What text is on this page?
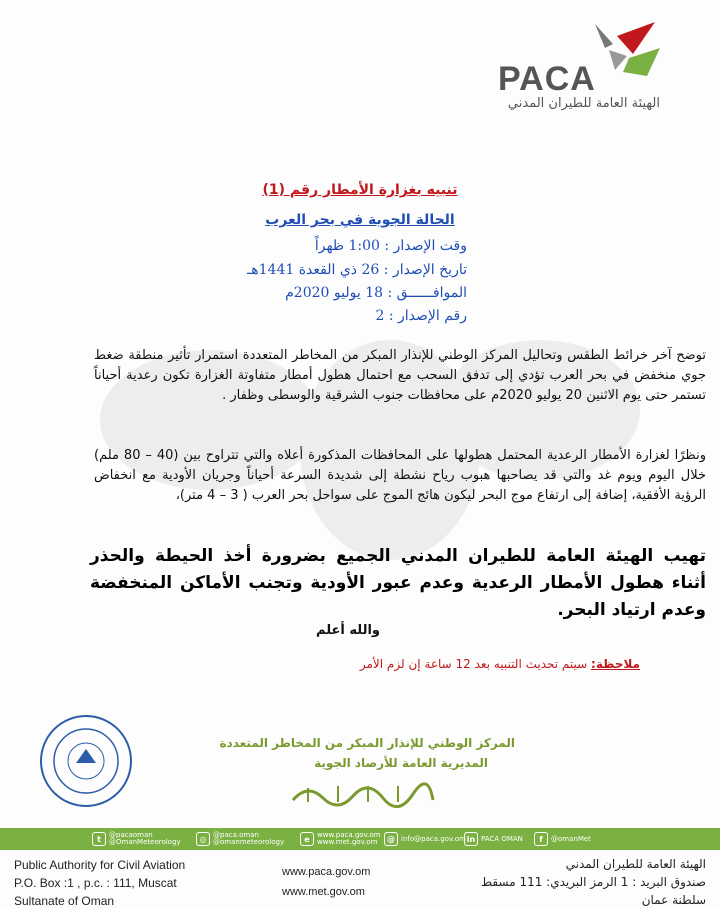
PACA
الهيئة العامة للطيران المدني
تنبيه بغزارة الأمطار رقم (1)
الحالة الجوية في بحر العرب
وقت الإصدار : 1:00 ظهراً
تاريخ الإصدار : 26 ذي القعدة 1441هـ
الموافــــــق : 18 يوليو 2020م
رقم الإصدار : 2
توضح آخر خرائط الطقس وتحاليل المركز الوطني للإنذار المبكر من المخاطر المتعددة استمرار تأثير منطقة ضغط جوي منخفض في بحر العرب تؤدي إلى تدفق السحب مع احتمال هطول أمطار متفاوتة الغزارة تكون رعدية أحياناً تستمر حتى يوم الاثنين 20 يوليو 2020م على محافظات جنوب الشرقية والوسطى وظفار .
ونظرًا لغزارة الأمطار الرعدية المحتمل هطولها على المحافظات المذكورة أعلاه والتي تتراوح بين (40 – 80 ملم) خلال اليوم ويوم غد والتي قد يصاحبها هبوب رياح نشطة إلى شديدة السرعة أحياناً وجريان الأودية مع انخفاض الرؤية الأفقية، إضافة إلى ارتفاع موج البحر ليكون هائج الموج على سواحل بحر العرب ( 3 – 4 متر)،
تهيب الهيئة العامة للطيران المدني الجميع بضرورة أخذ الحيطة والحذر أثناء هطول الأمطار الرعدية وعدم عبور الأودية وتجنب الأماكن المنخفضة وعدم ارتياد البحر.
والله أعلم
ملاحظة: سيتم تحديث التنبيه بعد 12 ساعة إن لزم الأمر
المركز الوطني للإنذار المبكر من المخاطر المتعددة
المديرية العامة للأرصاد الجوية
t	@pacaoman
@OmanMeteorology	◎ @paca.oman
@omanmeteorology	e	www.paca.gov.om
www.met.gov.om	@ info@paca.gov.om in PACA OMAN	f	@omanMet
Public Authority for Civil Aviation
P.O. Box :1 , p.c. : 111, Muscat
Sultanate of Oman
www.paca.gov.om
www.met.gov.om
الهيئة العامة للطيران المدني
صندوق البريد : 1 الرمز البريدي: 111 مسقط
سلطنة عمان
